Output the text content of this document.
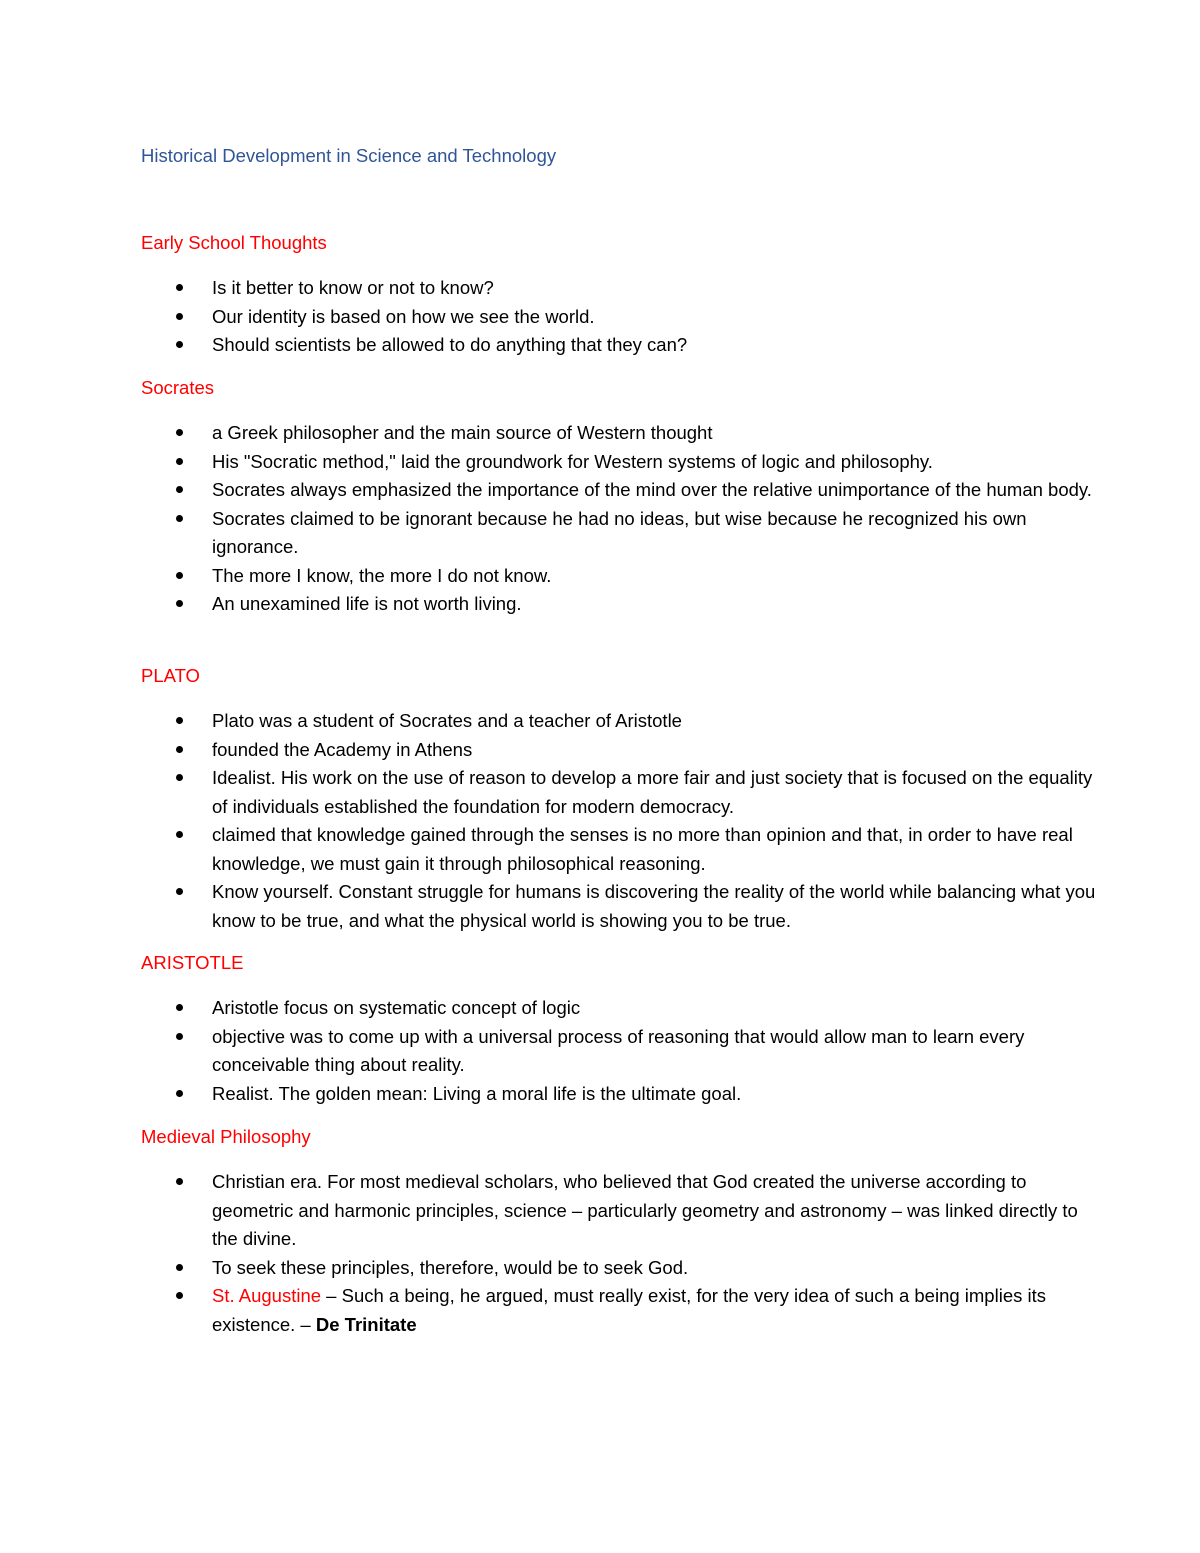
Historical Development in Science and Technology
Early School Thoughts
Is it better to know or not to know?
Our identity is based on how we see the world.
Should scientists be allowed to do anything that they can?
Socrates
a Greek philosopher and the main source of Western thought
His "Socratic method," laid the groundwork for Western systems of logic and philosophy.
Socrates always emphasized the importance of the mind over the relative unimportance of the human body.
Socrates claimed to be ignorant because he had no ideas, but wise because he recognized his own ignorance.
The more I know, the more I do not know.
An unexamined life is not worth living.
PLATO
Plato was a student of Socrates and a teacher of Aristotle
founded the Academy in Athens
Idealist. His work on the use of reason to develop a more fair and just society that is focused on the equality of individuals established the foundation for modern democracy.
claimed that knowledge gained through the senses is no more than opinion and that, in order to have real knowledge, we must gain it through philosophical reasoning.
Know yourself. Constant struggle for humans is discovering the reality of the world while balancing what you know to be true, and what the physical world is showing you to be true.
ARISTOTLE
Aristotle focus on systematic concept of logic
objective was to come up with a universal process of reasoning that would allow man to learn every conceivable thing about reality.
Realist. The golden mean: Living a moral life is the ultimate goal.
Medieval Philosophy
Christian era. For most medieval scholars, who believed that God created the universe according to geometric and harmonic principles, science – particularly geometry and astronomy – was linked directly to the divine.
To seek these principles, therefore, would be to seek God.
St. Augustine – Such a being, he argued, must really exist, for the very idea of such a being implies its existence. – De Trinitate
